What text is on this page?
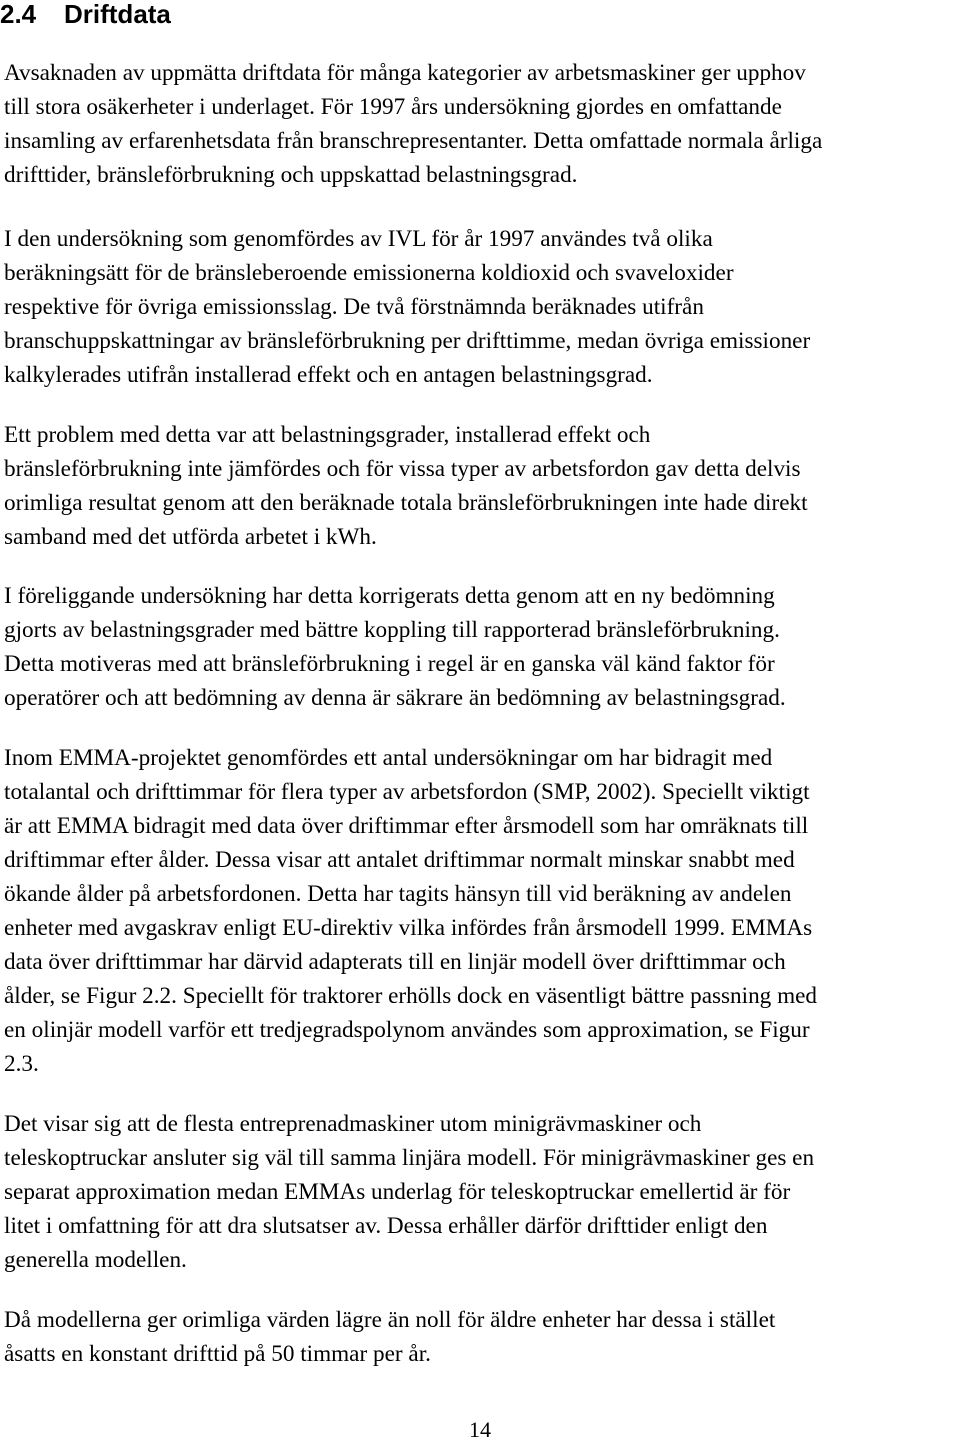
2.4 Driftdata

Avsaknaden av uppmätta driftdata för många kategorier av arbetsmaskiner ger upphov
till stora osäkerheter i underlaget. För 1997 års undersökning gjordes en omfattande
insamling av erfarenhetsdata från branschrepresentanter. Detta omfattade normala årliga
drifttider, bränsleförbrukning och uppskattad belastningsgrad.

I den undersökning som genomfördes av IVL för år 1997 användes två olika
beräkningsätt för de bränsleberoende emissionerna koldioxid och svaveloxider
respektive för övriga emissionsslag. De två förstnämnda beräknades utifrån
branschuppskattningar av bränsleförbrukning per drifttimme, medan övriga emissioner
kalkylerades utifrån installerad effekt och en antagen belastningsgrad.

Ett problem med detta var att belastningsgrader, installerad effekt och
bränsleförbrukning inte jämfördes och för vissa typer av arbetsfordon gav detta delvis
orimliga resultat genom att den beräknade totala bränsleförbrukningen inte hade direkt
samband med det utförda arbetet i kWh.

I föreliggande undersökning har detta korrigerats detta genom att en ny bedömning
gjorts av belastningsgrader med bättre koppling till rapporterad bränsleförbrukning.
Detta motiveras med att bränsleförbrukning i regel är en ganska väl känd faktor för
operatörer och att bedömning av denna är säkrare än bedömning av belastningsgrad.

Inom EMMA-projektet genomfördes ett antal undersökningar om har bidragit med
totalantal och drifttimmar för flera typer av arbetsfordon (SMP, 2002). Speciellt viktigt
är att EMMA bidragit med data över driftimmar efter årsmodell som har omräknats till
driftimmar efter ålder. Dessa visar att antalet driftimmar normalt minskar snabbt med
ökande ålder på arbetsfordonen. Detta har tagits hänsyn till vid beräkning av andelen
enheter med avgaskrav enligt EU-direktiv vilka infördes från årsmodell 1999. EMMAs
data över drifttimmar har därvid adapterats till en linjär modell över drifttimmar och
ålder, se Figur 2.2. Speciellt för traktorer erhölls dock en väsentligt bättre passning med
en olinjär modell varför ett tredjegradspolynom användes som approximation, se Figur
2.3.

Det visar sig att de flesta entreprenadmaskiner utom minigrävmaskiner och
teleskoptruckar ansluter sig väl till samma linjära modell. För minigrävmaskiner ges en
separat approximation medan EMMAs underlag för teleskoptruckar emellertid är för
litet i omfattning för att dra slutsatser av. Dessa erhåller därför drifttider enligt den
generella modellen.

Då modellerna ger orimliga värden lägre än noll för äldre enheter har dessa i stället
åsatts en konstant drifttid på 50 timmar per år.

14
